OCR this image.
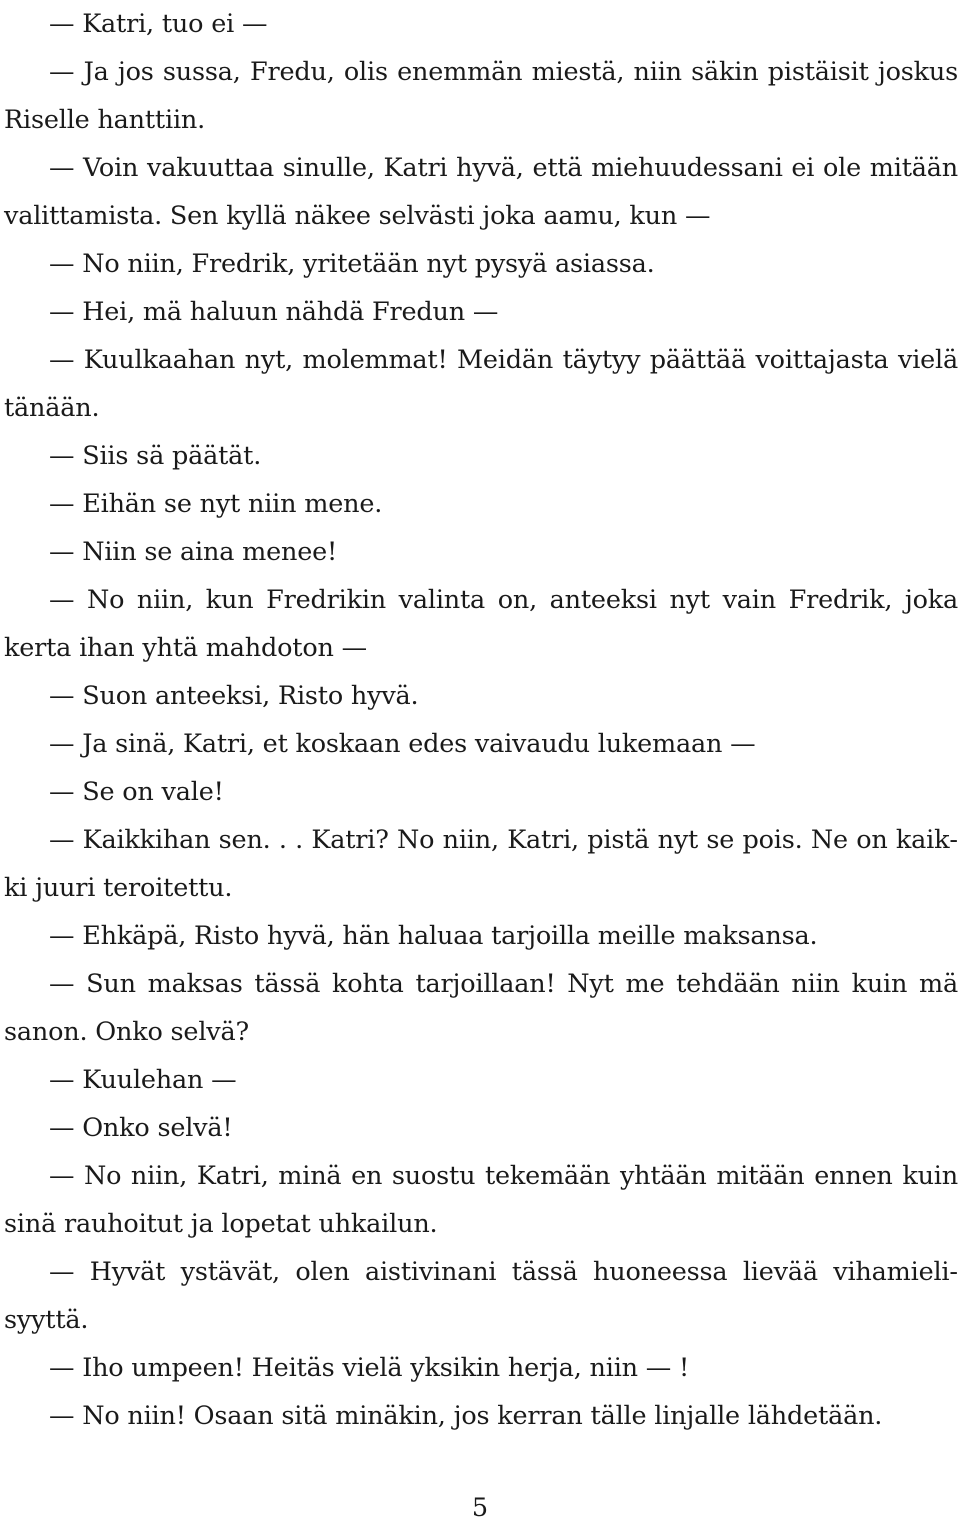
— Katri, tuo ei —

— Ja jos sussa, Fredu, olis enemmän miestä, niin säkin pistäisit joskus Riselle hanttiin.

— Voin vakuuttaa sinulle, Katri hyvä, että miehuudessani ei ole mitään valittamista. Sen kyllä näkee selvästi joka aamu, kun —

— No niin, Fredrik, yritetään nyt pysyä asiassa.

— Hei, mä haluun nähdä Fredun —

— Kuulkaahan nyt, molemmat! Meidän täytyy päättää voittajasta vielä tänään.

— Siis sä päätät.

— Eihän se nyt niin mene.

— Niin se aina menee!

— No niin, kun Fredrikin valinta on, anteeksi nyt vain Fredrik, joka kerta ihan yhtä mahdoton —

— Suon anteeksi, Risto hyvä.

— Ja sinä, Katri, et koskaan edes vaivaudu lukemaan —

— Se on vale!

— Kaikkihan sen. . . Katri? No niin, Katri, pistä nyt se pois. Ne on kaikki juuri teroitettu.

— Ehkäpä, Risto hyvä, hän haluaa tarjoilla meille maksansa.

— Sun maksas tässä kohta tarjoillaan! Nyt me tehdään niin kuin mä sanon. Onko selvä?

— Kuulehan —

— Onko selvä!

— No niin, Katri, minä en suostu tekemään yhtään mitään ennen kuin sinä rauhoitut ja lopetat uhkailun.

— Hyvät ystävät, olen aistivinani tässä huoneessa lievää vihamielisyyttä.

— Iho umpeen! Heitäs vielä yksikin herja, niin — !

— No niin! Osaan sitä minäkin, jos kerran tälle linjalle lähdetään.

5
